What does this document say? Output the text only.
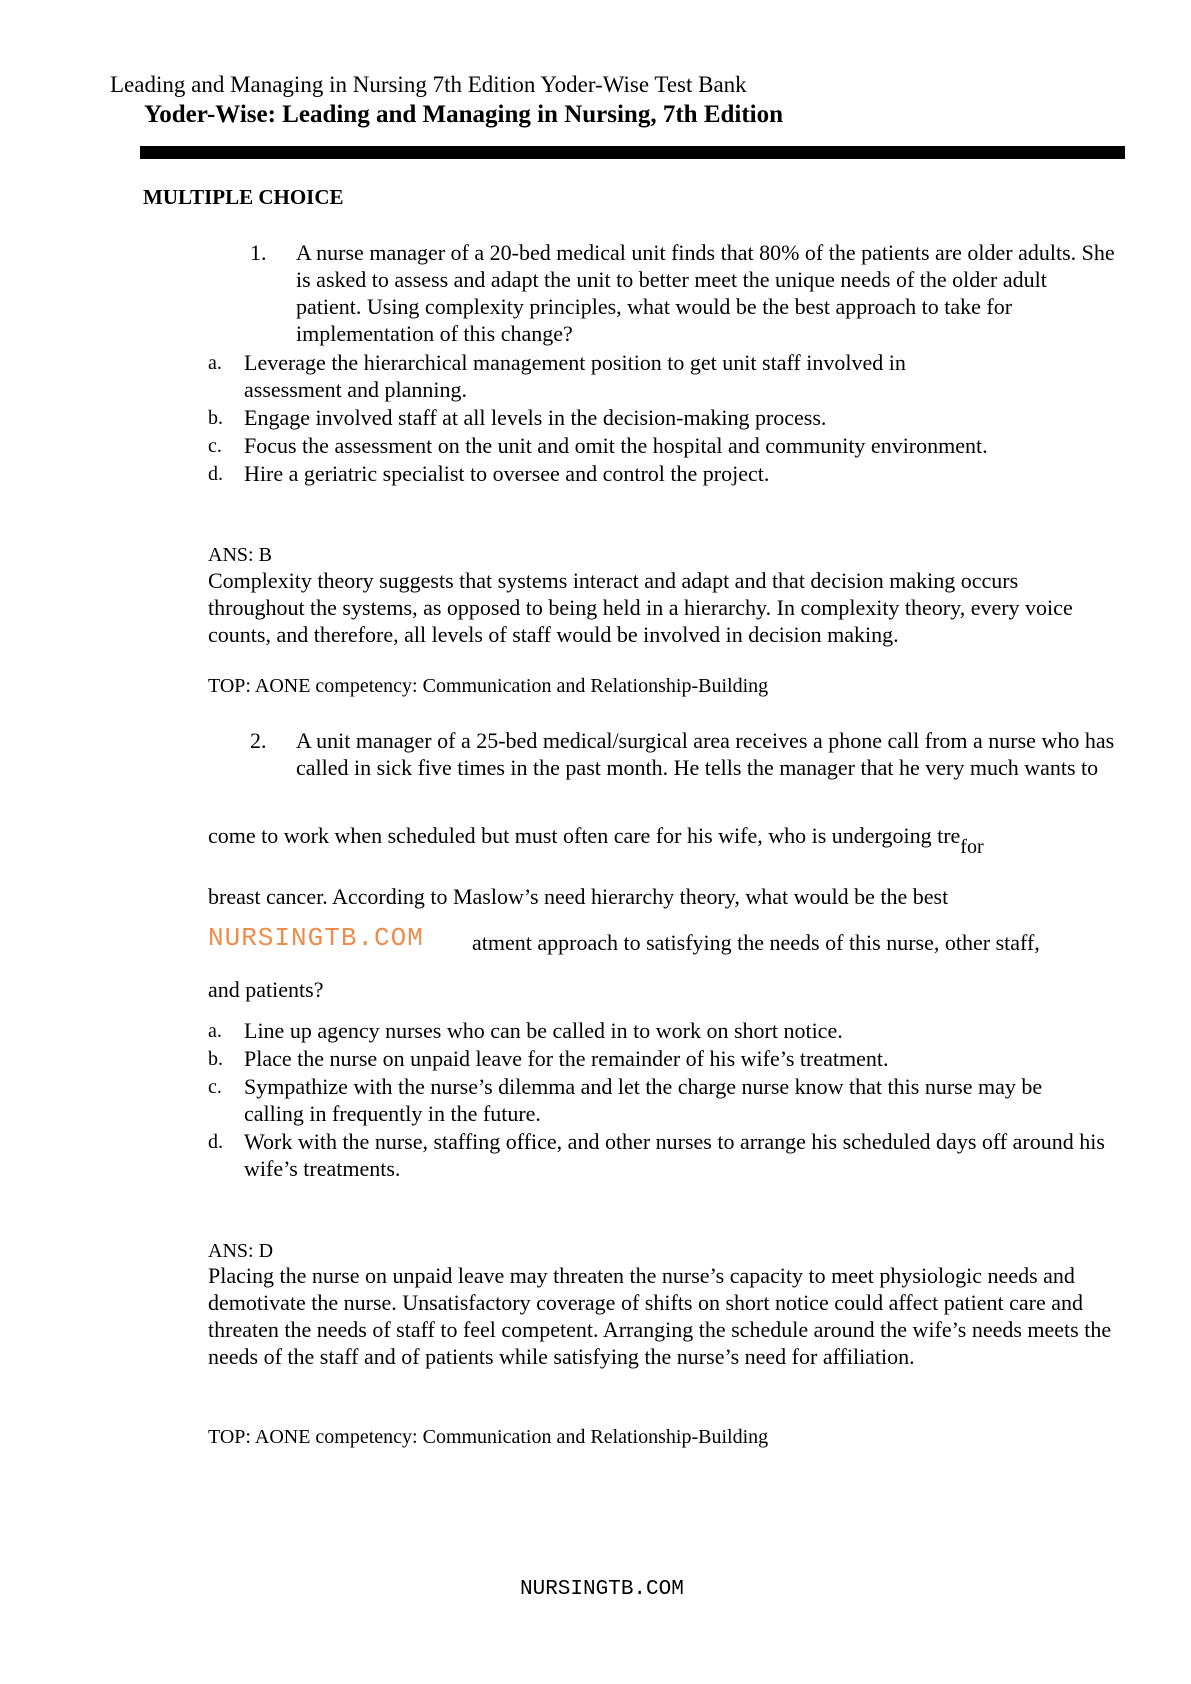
Leading and Managing in Nursing 7th Edition Yoder-Wise Test Bank
Yoder-Wise: Leading and Managing in Nursing, 7th Edition
MULTIPLE CHOICE
1. A nurse manager of a 20-bed medical unit finds that 80% of the patients are older adults. She is asked to assess and adapt the unit to better meet the unique needs of the older adult patient. Using complexity principles, what would be the best approach to take for implementation of this change?
a. Leverage the hierarchical management position to get unit staff involved in assessment and planning.
b. Engage involved staff at all levels in the decision-making process.
c. Focus the assessment on the unit and omit the hospital and community environment.
d. Hire a geriatric specialist to oversee and control the project.
ANS: B
Complexity theory suggests that systems interact and adapt and that decision making occurs throughout the systems, as opposed to being held in a hierarchy. In complexity theory, every voice counts, and therefore, all levels of staff would be involved in decision making.
TOP: AONE competency: Communication and Relationship-Building
2. A unit manager of a 25-bed medical/surgical area receives a phone call from a nurse who has called in sick five times in the past month. He tells the manager that he very much wants to
come to work when scheduled but must often care for his wife, who is undergoing trefor
breast cancer. According to Maslow’s need hierarchy theory, what would be the best
NURSINGTB.COM atment approach to satisfying the needs of this nurse, other staff,
and patients?
a. Line up agency nurses who can be called in to work on short notice.
b. Place the nurse on unpaid leave for the remainder of his wife’s treatment.
c. Sympathize with the nurse’s dilemma and let the charge nurse know that this nurse may be calling in frequently in the future.
d. Work with the nurse, staffing office, and other nurses to arrange his scheduled days off around his wife’s treatments.
ANS: D
Placing the nurse on unpaid leave may threaten the nurse’s capacity to meet physiologic needs and demotivate the nurse. Unsatisfactory coverage of shifts on short notice could affect patient care and threaten the needs of staff to feel competent. Arranging the schedule around the wife’s needs meets the needs of the staff and of patients while satisfying the nurse’s need for affiliation.
TOP: AONE competency: Communication and Relationship-Building
NURSINGTB.COM
